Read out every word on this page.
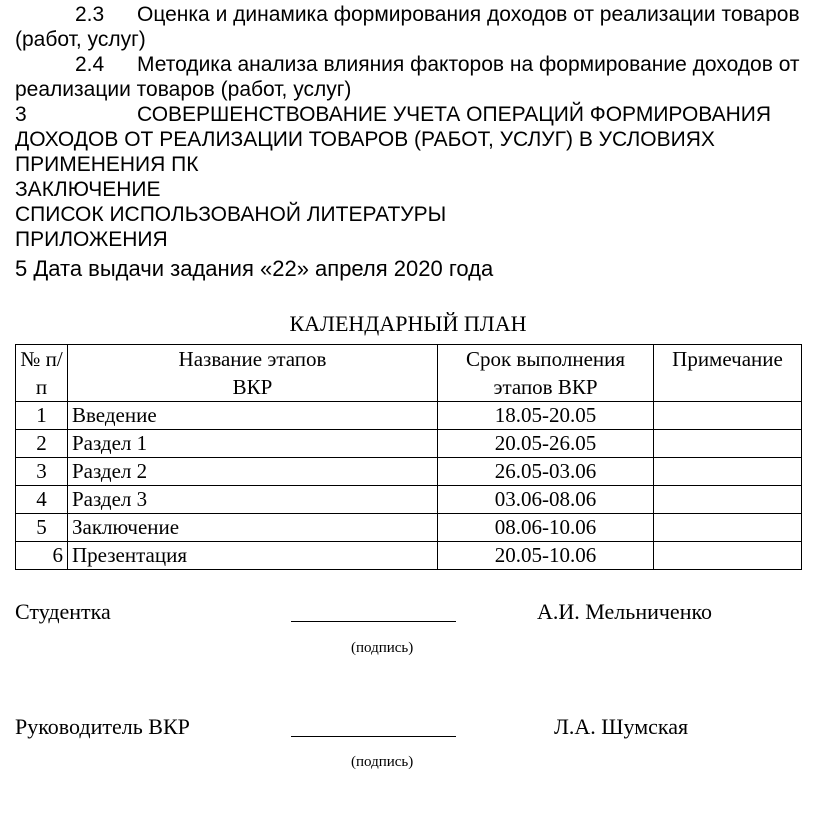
2.3 Оценка и динамика формирования доходов от реализации товаров
(работ, услуг)
2.4 Методика анализа влияния факторов на формирование доходов от
реализации товаров (работ, услуг)
3	СОВЕРШЕНСТВОВАНИЕ УЧЕТА ОПЕРАЦИЙ ФОРМИРОВАНИЯ
ДОХОДОВ ОТ РЕАЛИЗАЦИИ ТОВАРОВ (РАБОТ, УСЛУГ) В УСЛОВИЯХ
ПРИМЕНЕНИЯ ПК
ЗАКЛЮЧЕНИЕ
СПИСОК ИСПОЛЬЗОВАНОЙ ЛИТЕРАТУРЫ
ПРИЛОЖЕНИЯ
5 Дата выдачи задания «22» апреля 2020 года
КАЛЕНДАРНЫЙ ПЛАН
№ п/п	Название этапов ВКР	Срок выполнения этапов ВКР	Примечание
1	Введение	18.05-20.05	
2	Раздел 1	20.05-26.05	
3	Раздел 2	26.05-03.06	
4	Раздел 3	03.06-08.06	
5	Заключение	08.06-10.06	
6	Презентация	20.05-10.06	
Студентка	А.И. Мельниченко
(подпись)
Руководитель ВКР	Л.А. Шумская
(подпись)
